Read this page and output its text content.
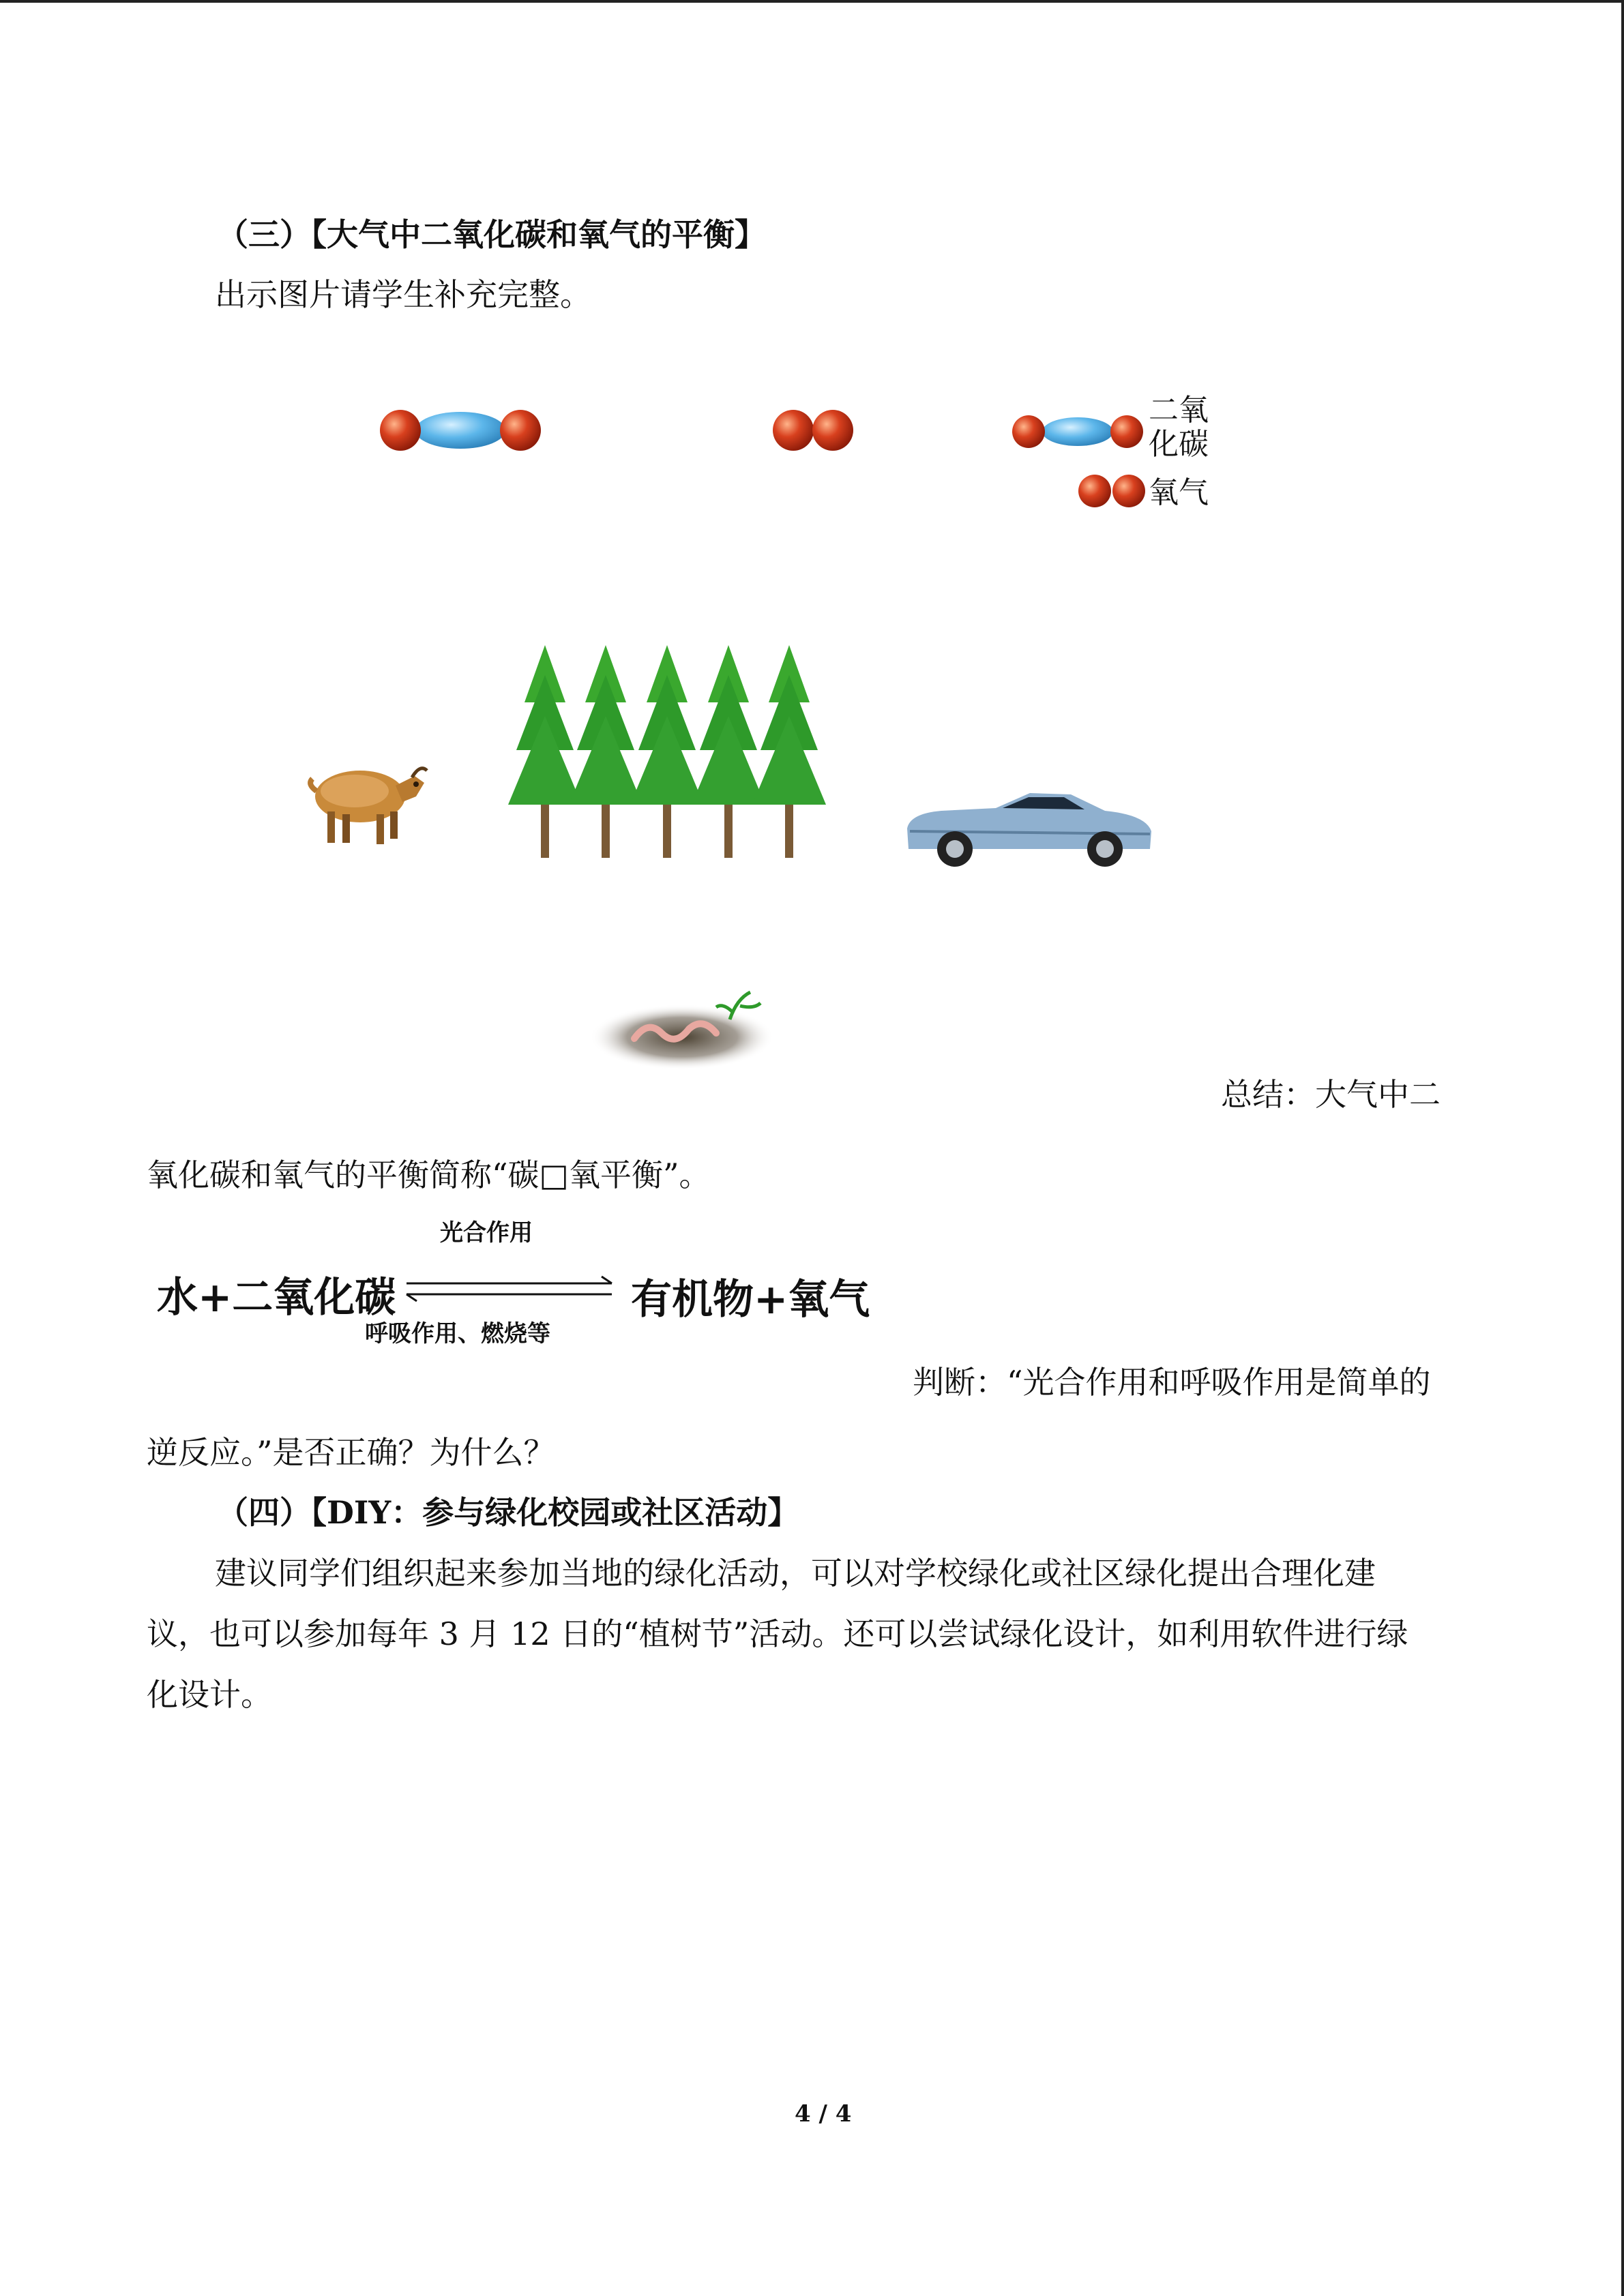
（三）【大气中二氧化碳和氧气的平衡】
出示图片请学生补充完整。
二氧
化碳
氧气
总结：大气中二
氧化碳和氧气的平衡简称“碳□氧平衡”。
光合作用
水+二氧化碳	有机物+氧气
呼吸作用、燃烧等
判断：“光合作用和呼吸作用是简单的
逆反应。”是否正确？为什么？
（四）【DIY：参与绿化校园或社区活动】
建议同学们组织起来参加当地的绿化活动，可以对学校绿化或社区绿化提出合理化建
议，也可以参加每年 3 月 12 日的“植树节”活动。还可以尝试绿化设计，如利用软件进行绿
化设计。
4 / 4
